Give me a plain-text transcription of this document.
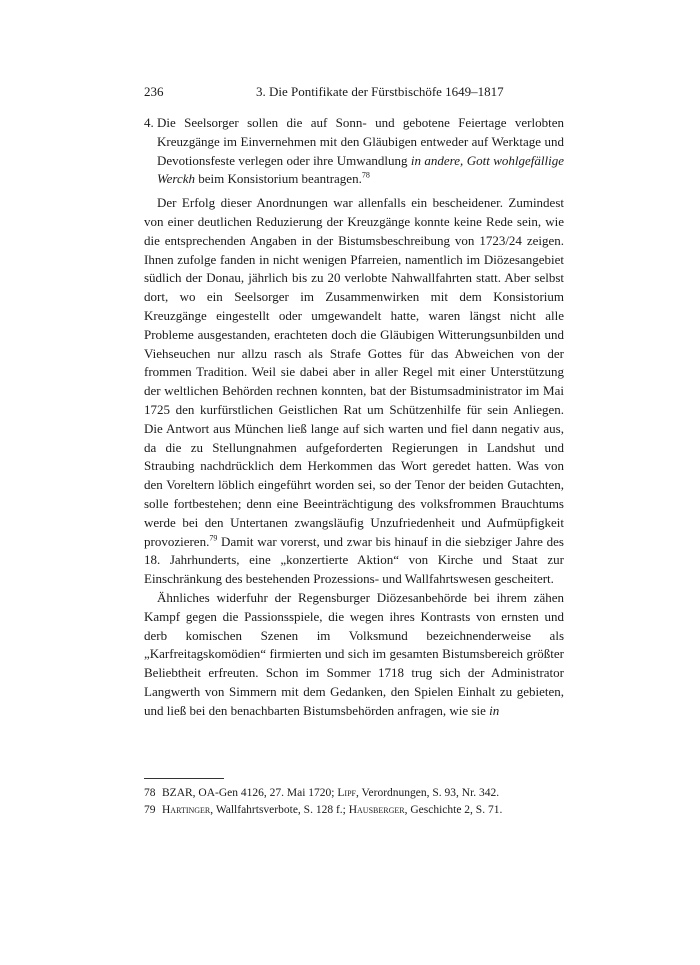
236	3. Die Pontifikate der Fürstbischöfe 1649–1817
4. Die Seelsorger sollen die auf Sonn- und gebotene Feiertage verlobten Kreuzgänge im Einvernehmen mit den Gläubigen entweder auf Werktage und Devotionsfeste verlegen oder ihre Umwandlung in andere, Gott wohlgefällige Werckh beim Konsistorium beantragen.$^{78}$

Der Erfolg dieser Anordnungen war allenfalls ein bescheidener. Zumindest von einer deutlichen Reduzierung der Kreuzgänge konnte keine Rede sein, wie die entsprechenden Angaben in der Bistumsbeschreibung von 1723/24 zeigen. Ihnen zufolge fanden in nicht wenigen Pfarreien, namentlich im Diözesangebiet südlich der Donau, jährlich bis zu 20 verlobte Nahwallfahrten statt. Aber selbst dort, wo ein Seelsorger im Zusammenwirken mit dem Konsistorium Kreuzgänge eingestellt oder umgewandelt hatte, waren längst nicht alle Probleme ausgestanden, erachteten doch die Gläubigen Witterungsunbilden und Viehseuchen nur allzu rasch als Strafe Gottes für das Abweichen von der frommen Tradition. Weil sie dabei aber in aller Regel mit einer Unterstützung der weltlichen Behörden rechnen konnten, bat der Bistumsadministrator im Mai 1725 den kurfürstlichen Geistlichen Rat um Schützenhilfe für sein Anliegen. Die Antwort aus München ließ lange auf sich warten und fiel dann negativ aus, da die zu Stellungnahmen aufgeforderten Regierungen in Landshut und Straubing nachdrücklich dem Herkommen das Wort geredet hatten. Was von den Voreltern löblich eingeführt worden sei, so der Tenor der beiden Gutachten, solle fortbestehen; denn eine Beeinträchtigung des volksfrommen Brauchtums werde bei den Untertanen zwangsläufig Unzufriedenheit und Aufmüpfigkeit provozieren.$^{79}$ Damit war vorerst, und zwar bis hinauf in die siebziger Jahre des 18. Jahrhunderts, eine „konzertierte Aktion“ von Kirche und Staat zur Einschränkung des bestehenden Prozessions- und Wallfahrtswesen gescheitert.

Ähnliches widerfuhr der Regensburger Diözesanbehörde bei ihrem zähen Kampf gegen die Passionsspiele, die wegen ihres Kontrasts von ernsten und derb komischen Szenen im Volksmund bezeichnenderweise als „Karfreitagskomödien“ firmierten und sich im gesamten Bistumsbereich größter Beliebtheit erfreuten. Schon im Sommer 1718 trug sich der Administrator Langwerth von Simmern mit dem Gedanken, den Spielen Einhalt zu gebieten, und ließ bei den benachbarten Bistumsbehörden anfragen, wie sie in

78 BZAR, OA-Gen 4126, 27. Mai 1720; Lipf, Verordnungen, S. 93, Nr. 342.
79 Hartinger, Wallfahrtsverbote, S. 128 f.; Hausberger, Geschichte 2, S. 71.
